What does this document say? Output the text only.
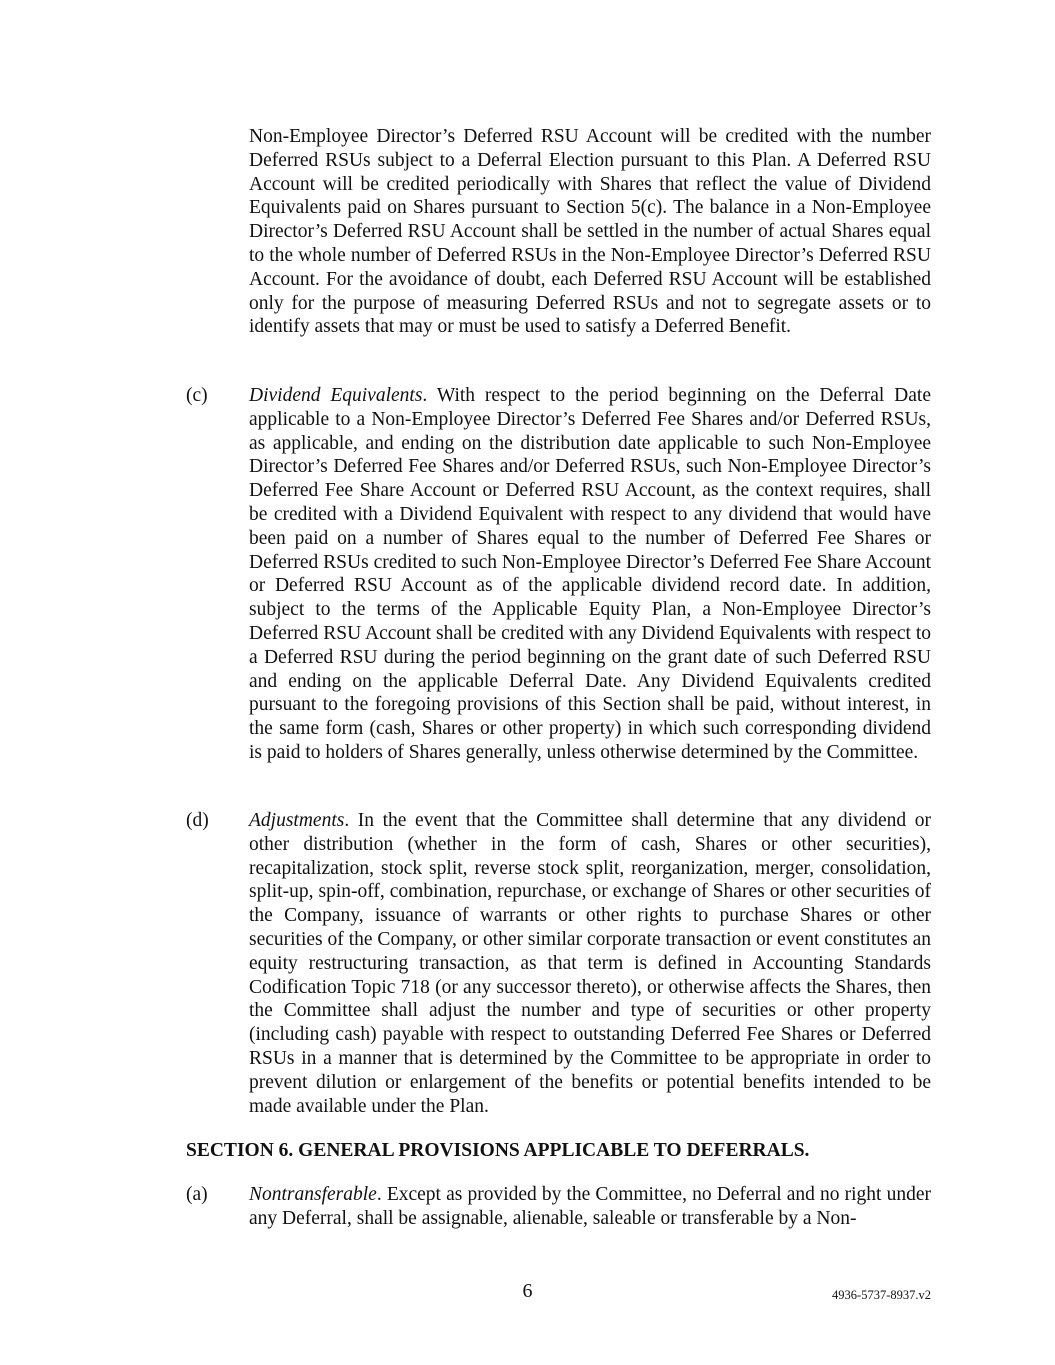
Non-Employee Director’s Deferred RSU Account will be credited with the number Deferred RSUs subject to a Deferral Election pursuant to this Plan. A Deferred RSU Account will be credited periodically with Shares that reflect the value of Dividend Equivalents paid on Shares pursuant to Section 5(c). The balance in a Non-Employee Director’s Deferred RSU Account shall be settled in the number of actual Shares equal to the whole number of Deferred RSUs in the Non-Employee Director’s Deferred RSU Account. For the avoidance of doubt, each Deferred RSU Account will be established only for the purpose of measuring Deferred RSUs and not to segregate assets or to identify assets that may or must be used to satisfy a Deferred Benefit.

(c) Dividend Equivalents. With respect to the period beginning on the Deferral Date applicable to a Non-Employee Director’s Deferred Fee Shares and/or Deferred RSUs, as applicable, and ending on the distribution date applicable to such Non-Employee Director’s Deferred Fee Shares and/or Deferred RSUs, such Non-Employee Director’s Deferred Fee Share Account or Deferred RSU Account, as the context requires, shall be credited with a Dividend Equivalent with respect to any dividend that would have been paid on a number of Shares equal to the number of Deferred Fee Shares or Deferred RSUs credited to such Non-Employee Director’s Deferred Fee Share Account or Deferred RSU Account as of the applicable dividend record date. In addition, subject to the terms of the Applicable Equity Plan, a Non-Employee Director’s Deferred RSU Account shall be credited with any Dividend Equivalents with respect to a Deferred RSU during the period beginning on the grant date of such Deferred RSU and ending on the applicable Deferral Date. Any Dividend Equivalents credited pursuant to the foregoing provisions of this Section shall be paid, without interest, in the same form (cash, Shares or other property) in which such corresponding dividend is paid to holders of Shares generally, unless otherwise determined by the Committee.

(d) Adjustments. In the event that the Committee shall determine that any dividend or other distribution (whether in the form of cash, Shares or other securities), recapitalization, stock split, reverse stock split, reorganization, merger, consolidation, split-up, spin-off, combination, repurchase, or exchange of Shares or other securities of the Company, issuance of warrants or other rights to purchase Shares or other securities of the Company, or other similar corporate transaction or event constitutes an equity restructuring transaction, as that term is defined in Accounting Standards Codification Topic 718 (or any successor thereto), or otherwise affects the Shares, then the Committee shall adjust the number and type of securities or other property (including cash) payable with respect to outstanding Deferred Fee Shares or Deferred RSUs in a manner that is determined by the Committee to be appropriate in order to prevent dilution or enlargement of the benefits or potential benefits intended to be made available under the Plan.

SECTION 6. GENERAL PROVISIONS APPLICABLE TO DEFERRALS.

(a) Nontransferable. Except as provided by the Committee, no Deferral and no right under any Deferral, shall be assignable, alienable, saleable or transferable by a Non-

6	4936-5737-8937.v2
